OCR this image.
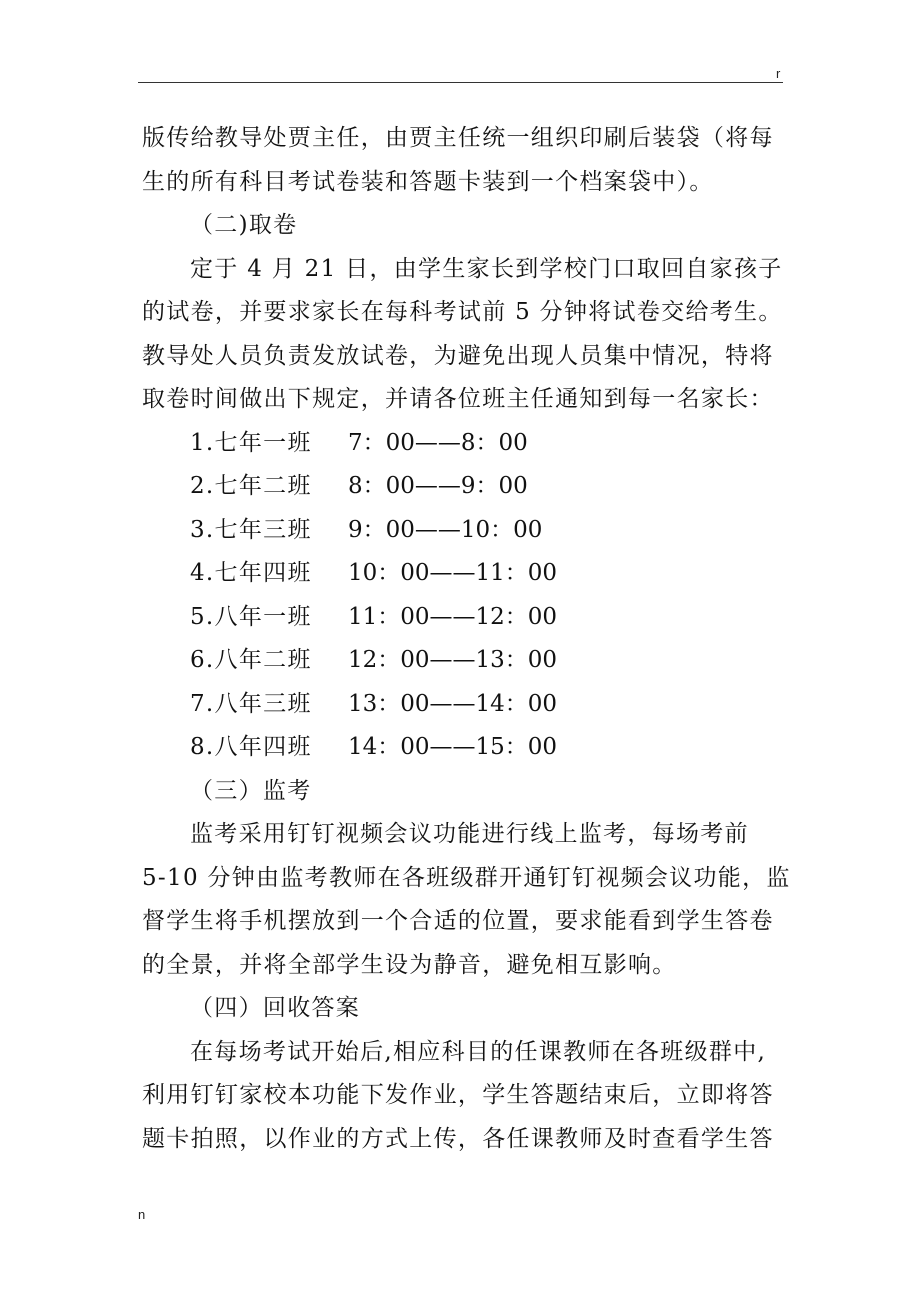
r

版传给教导处贾主任，由贾主任统一组织印刷后装袋（将每

生的所有科目考试卷装和答题卡装到一个档案袋中）。

（二)取卷

定于 4 月 21 日，由学生家长到学校门口取回自家孩子

的试卷，并要求家长在每科考试前 5 分钟将试卷交给考生。

教导处人员负责发放试卷，为避免出现人员集中情况，特将

取卷时间做出下规定，并请各位班主任通知到每一名家长：

1.七年一班	7：00——8：00

2.七年二班	8：00——9：00

3.七年三班	9：00——10：00

4.七年四班	10：00——11：00

5.八年一班	11：00——12：00

6.八年二班	12：00——13：00

7.八年三班	13：00——14：00

8.八年四班	14：00——15：00

（三）监考

监考采用钉钉视频会议功能进行线上监考，每场考前

5-10 分钟由监考教师在各班级群开通钉钉视频会议功能，监

督学生将手机摆放到一个合适的位置，要求能看到学生答卷

的全景，并将全部学生设为静音，避免相互影响。

（四）回收答案

在每场考试开始后,相应科目的任课教师在各班级群中,

利用钉钉家校本功能下发作业，学生答题结束后，立即将答

题卡拍照，以作业的方式上传，各任课教师及时查看学生答

n
